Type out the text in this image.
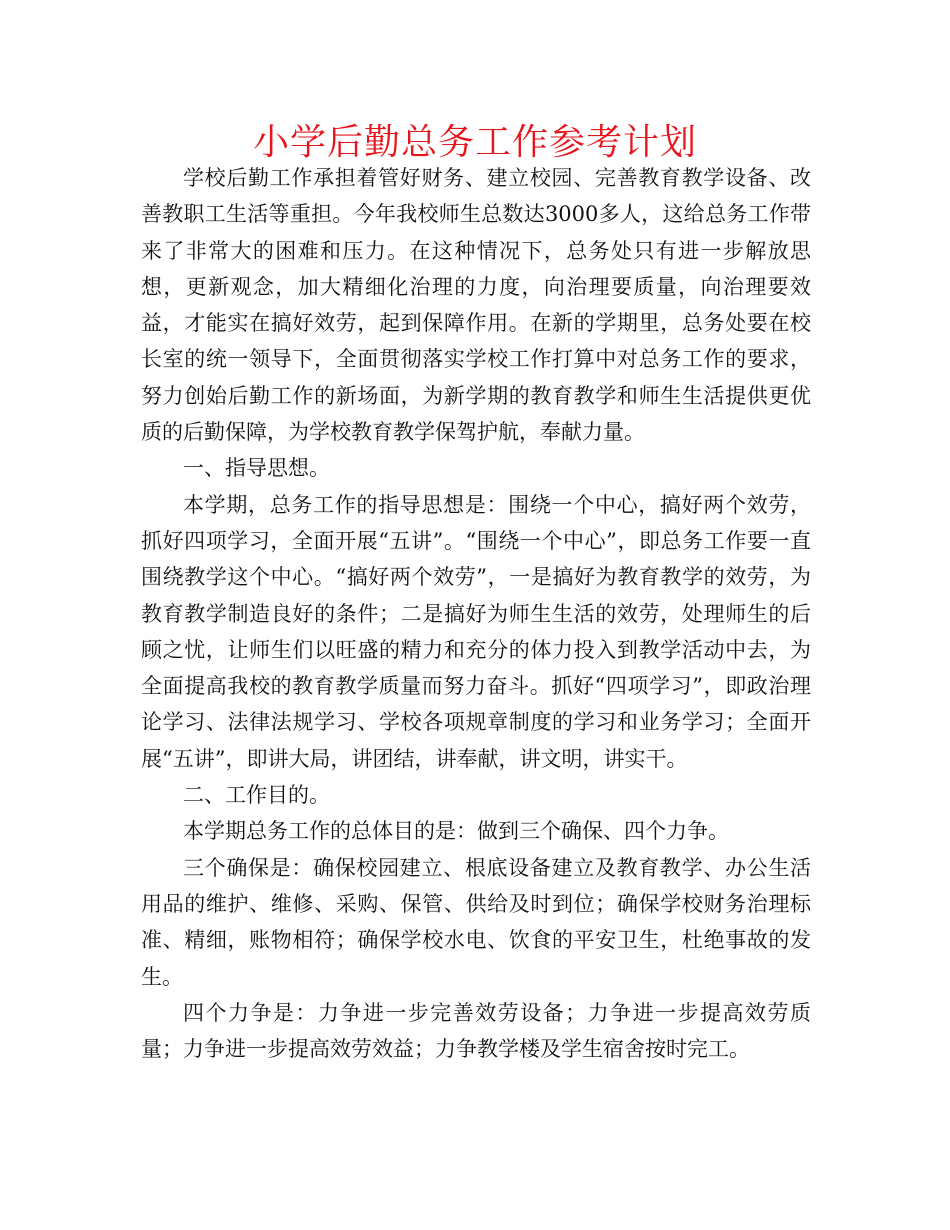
小学后勤总务工作参考计划

学校后勤工作承担着管好财务、建立校园、完善教育教学设备、改善教职工生活等重担。今年我校师生总数达3000多人，这给总务工作带来了非常大的困难和压力。在这种情况下，总务处只有进一步解放思想，更新观念，加大精细化治理的力度，向治理要质量，向治理要效益，才能实在搞好效劳，起到保障作用。在新的学期里，总务处要在校长室的统一领导下，全面贯彻落实学校工作打算中对总务工作的要求，努力创始后勤工作的新场面，为新学期的教育教学和师生生活提供更优质的后勤保障，为学校教育教学保驾护航，奉献力量。

一、指导思想。

本学期，总务工作的指导思想是：围绕一个中心，搞好两个效劳，抓好四项学习，全面开展“五讲”。“围绕一个中心”，即总务工作要一直围绕教学这个中心。“搞好两个效劳”，一是搞好为教育教学的效劳，为教育教学制造良好的条件；二是搞好为师生生活的效劳，处理师生的后顾之忧，让师生们以旺盛的精力和充分的体力投入到教学活动中去，为全面提高我校的教育教学质量而努力奋斗。抓好“四项学习”，即政治理论学习、法律法规学习、学校各项规章制度的学习和业务学习；全面开展“五讲”，即讲大局，讲团结，讲奉献，讲文明，讲实干。

二、工作目的。

本学期总务工作的总体目的是：做到三个确保、四个力争。

三个确保是：确保校园建立、根底设备建立及教育教学、办公生活用品的维护、维修、采购、保管、供给及时到位；确保学校财务治理标准、精细，账物相符；确保学校水电、饮食的平安卫生，杜绝事故的发生。

四个力争是：力争进一步完善效劳设备；力争进一步提高效劳质量；力争进一步提高效劳效益；力争教学楼及学生宿舍按时完工。
